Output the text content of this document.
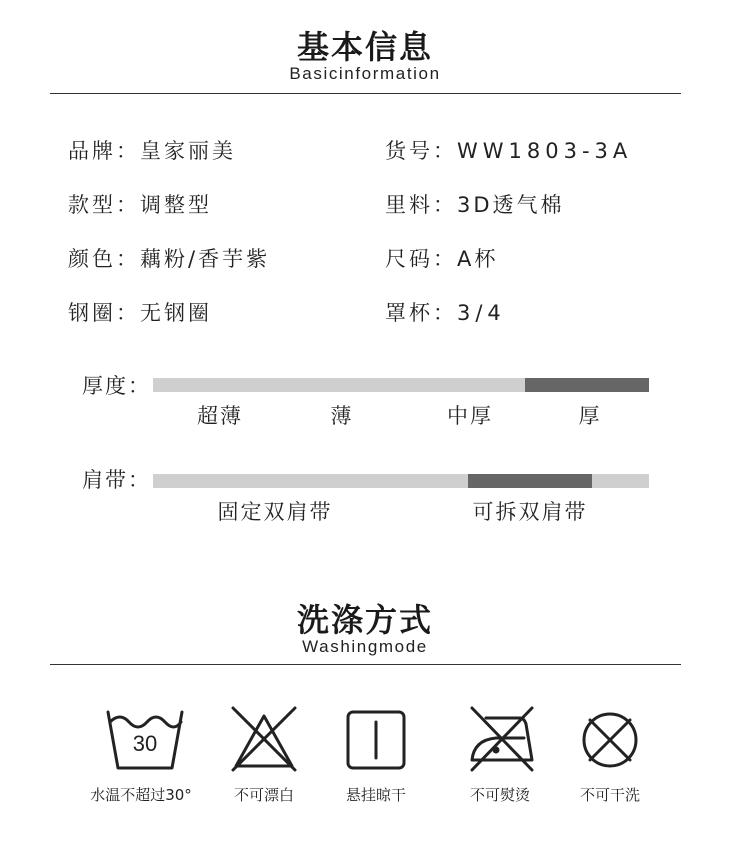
基本信息
Basicinformation
品牌：皇家丽美	货号：WW1803-3A
款型：调整型	里料：3D透气棉
颜色：藕粉/香芋紫	尺码：A杯
钢圈：无钢圈	罩杯：3/4
厚度：
超薄	薄	中厚	厚
肩带：
固定双肩带	可拆双肩带
洗涤方式
Washingmode
30
水温不超过30°	不可漂白	悬挂晾干	不可熨烫	不可干洗
